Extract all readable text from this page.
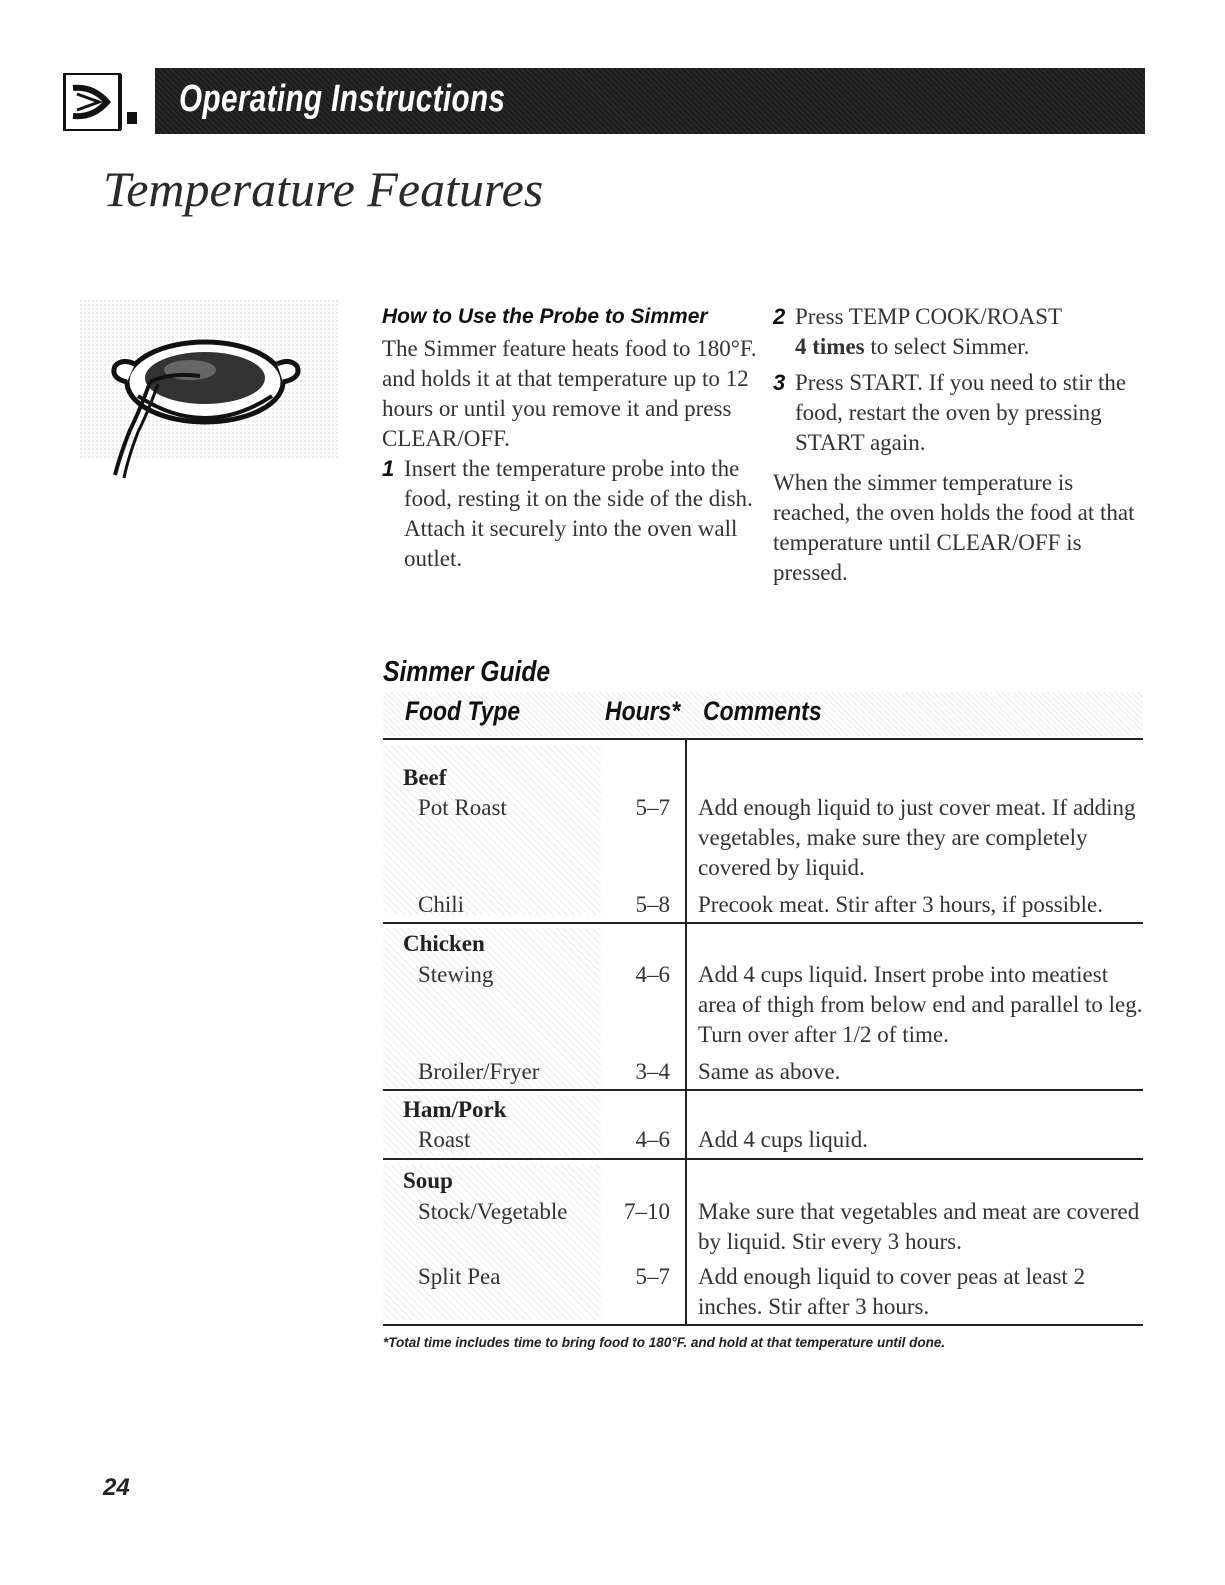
Operating Instructions
Temperature Features
How to Use the Probe to Simmer

The Simmer feature heats food to 180°F. and holds it at that temperature up to 12 hours or until you remove it and press CLEAR/OFF.

1 Insert the temperature probe into the food, resting it on the side of the dish. Attach it securely into the oven wall outlet.
2 Press TEMP COOK/ROAST
4 times to select Simmer.
3 Press START. If you need to stir the food, restart the oven by pressing START again.

When the simmer temperature is reached, the oven holds the food at that temperature until CLEAR/OFF is pressed.

Simmer Guide
Food Type	Hours* Comments
Beef
Pot Roast	5–7 Add enough liquid to just cover meat. If adding vegetables, make sure they are completely covered by liquid.
Chili	5–8 Precook meat. Stir after 3 hours, if possible.
Chicken
Stewing	4–6 Add 4 cups liquid. Insert probe into meatiest area of thigh from below end and parallel to leg. Turn over after 1/2 of time.
Broiler/Fryer	3–4 Same as above.
Ham/Pork
Roast	4–6 Add 4 cups liquid.
Soup
Stock/Vegetable	7–10 Make sure that vegetables and meat are covered by liquid. Stir every 3 hours.
Split Pea	5–7 Add enough liquid to cover peas at least 2 inches. Stir after 3 hours.
*Total time includes time to bring food to 180°F. and hold at that temperature until done.
24
